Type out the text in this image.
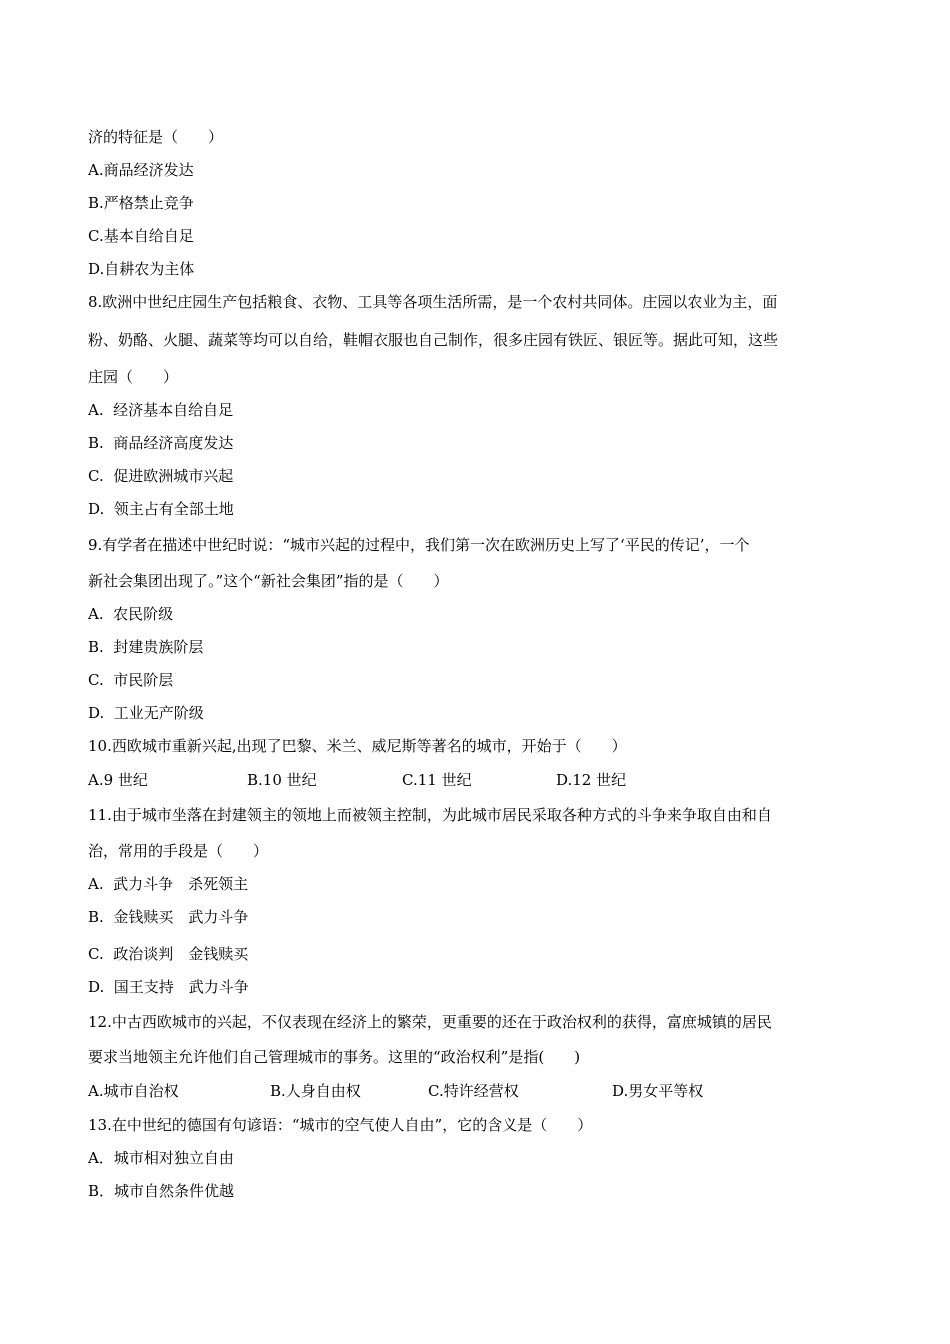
济的特征是（　　）
A.商品经济发达
B.严格禁止竞争
C.基本自给自足
D.自耕农为主体
8.欧洲中世纪庄园生产包括粮食、衣物、工具等各项生活所需，是一个农村共同体。庄园以农业为主，面
粉、奶酪、火腿、蔬菜等均可以自给，鞋帽衣服也自己制作，很多庄园有铁匠、银匠等。据此可知，这些
庄园（　　）
A.  经济基本自给自足
B.  商品经济高度发达
C.  促进欧洲城市兴起
D.  领主占有全部土地
9.有学者在描述中世纪时说：“城市兴起的过程中，我们第一次在欧洲历史上写了‘平民的传记’，一个
新社会集团出现了。”这个“新社会集团”指的是（　　）
A.  农民阶级
B.  封建贵族阶层
C.  市民阶层
D.  工业无产阶级
10.西欧城市重新兴起,出现了巴黎、米兰、威尼斯等著名的城市，开始于（　　）
A.9 世纪	B.10 世纪	C.11 世纪	D.12 世纪
11.由于城市坐落在封建领主的领地上而被领主控制，为此城市居民采取各种方式的斗争来争取自由和自
治，常用的手段是（　　）
A.  武力斗争　杀死领主
B.  金钱赎买　武力斗争
C.  政治谈判　金钱赎买
D.  国王支持　武力斗争
12.中古西欧城市的兴起，不仅表现在经济上的繁荣，更重要的还在于政治权利的获得，富庶城镇的居民
要求当地领主允许他们自己管理城市的事务。这里的“政治权利”是指(　　)
A.城市自治权	B.人身自由权	C.特许经营权	D.男女平等权
13.在中世纪的德国有句谚语：“城市的空气使人自由”，它的含义是（　　）
A．城市相对独立自由
B．城市自然条件优越
